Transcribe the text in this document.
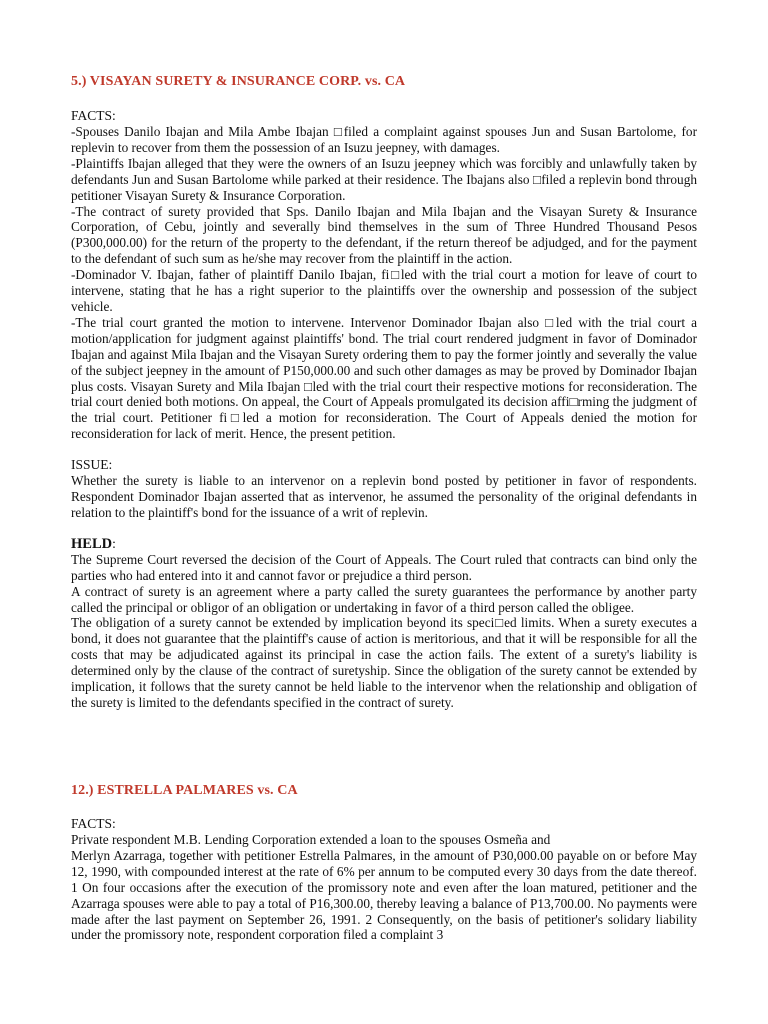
5.) VISAYAN SURETY & INSURANCE CORP. vs. CA
FACTS:

-Spouses Danilo Ibajan and Mila Ambe Ibajan □filed a complaint against spouses Jun and Susan Bartolome, for replevin to recover from them the possession of an Isuzu jeepney, with damages.

-Plaintiffs Ibajan alleged that they were the owners of an Isuzu jeepney which was forcibly and unlawfully taken by defendants Jun and Susan Bartolome while parked at their residence. The Ibajans also □filed a replevin bond through petitioner Visayan Surety & Insurance Corporation.

-The contract of surety provided that Sps. Danilo Ibajan and Mila Ibajan and the Visayan Surety & Insurance Corporation, of Cebu, jointly and severally bind themselves in the sum of Three Hundred Thousand Pesos (P300,000.00) for the return of the property to the defendant, if the return thereof be adjudged, and for the payment to the defendant of such sum as he/she may recover from the plaintiff in the action.

-Dominador V. Ibajan, father of plaintiff Danilo Ibajan, fi□led with the trial court a motion for leave of court to intervene, stating that he has a right superior to the plaintiffs over the ownership and possession of the subject vehicle.

-The trial court granted the motion to intervene. Intervenor Dominador Ibajan also □led with the trial court a motion/application for judgment against plaintiffs' bond. The trial court rendered judgment in favor of Dominador Ibajan and against Mila Ibajan and the Visayan Surety ordering them to pay the former jointly and severally the value of the subject jeepney in the amount of P150,000.00 and such other damages as may be proved by Dominador Ibajan plus costs. Visayan Surety and Mila Ibajan □led with the trial court their respective motions for reconsideration. The trial court denied both motions. On appeal, the Court of Appeals promulgated its decision affi□rming the judgment of the trial court. Petitioner fi□led a motion for reconsideration. The Court of Appeals denied the motion for reconsideration for lack of merit. Hence, the present petition.

ISSUE:

Whether the surety is liable to an intervenor on a replevin bond posted by petitioner in favor of respondents. Respondent Dominador Ibajan asserted that as intervenor, he assumed the personality of the original defendants in relation to the plaintiff's bond for the issuance of a writ of replevin.

HELD:

The Supreme Court reversed the decision of the Court of Appeals. The Court ruled that contracts can bind only the parties who had entered into it and cannot favor or prejudice a third person.

A contract of surety is an agreement where a party called the surety guarantees the performance by another party called the principal or obligor of an obligation or undertaking in favor of a third person called the obligee.

The obligation of a surety cannot be extended by implication beyond its speci□ed limits. When a surety executes a bond, it does not guarantee that the plaintiff's cause of action is meritorious, and that it will be responsible for all the costs that may be adjudicated against its principal in case the action fails. The extent of a surety's liability is determined only by the clause of the contract of suretyship. Since the obligation of the surety cannot be extended by implication, it follows that the surety cannot be held liable to the intervenor when the relationship and obligation of the surety is limited to the defendants specified in the contract of surety.

12.) ESTRELLA PALMARES vs. CA
FACTS:

Private respondent M.B. Lending Corporation extended a loan to the spouses Osmeña and

Merlyn Azarraga, together with petitioner Estrella Palmares, in the amount of P30,000.00 payable on or before May 12, 1990, with compounded interest at the rate of 6% per annum to be computed every 30 days from the date thereof. 1 On four occasions after the execution of the promissory note and even after the loan matured, petitioner and the Azarraga spouses were able to pay a total of P16,300.00, thereby leaving a balance of P13,700.00. No payments were made after the last payment on September 26, 1991. 2 Consequently, on the basis of petitioner's solidary liability under the promissory note, respondent corporation filed a complaint 3
